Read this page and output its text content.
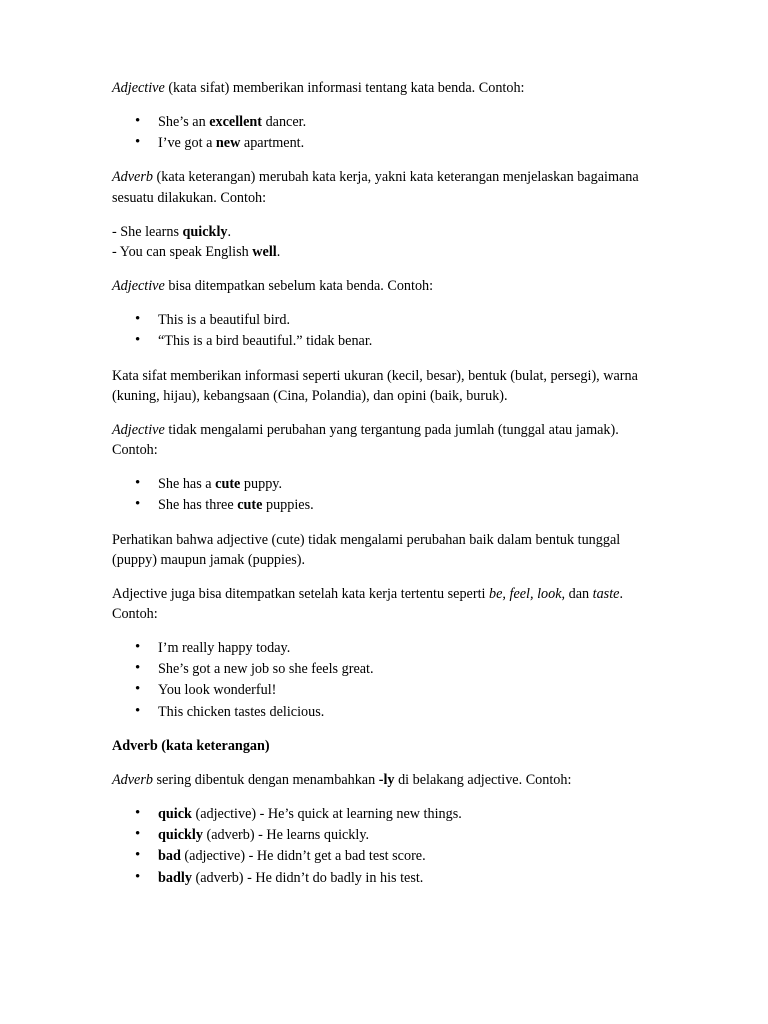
Adjective (kata sifat) memberikan informasi tentang kata benda. Contoh:

• She’s an excellent dancer.
• I’ve got a new apartment.

Adverb (kata keterangan) merubah kata kerja, yakni kata keterangan menjelaskan bagaimana sesuatu dilakukan. Contoh:

- She learns quickly.

- You can speak English well.

Adjective bisa ditempatkan sebelum kata benda. Contoh:

• This is a beautiful bird.
• “This is a bird beautiful.” tidak benar.

Kata sifat memberikan informasi seperti ukuran (kecil, besar), bentuk (bulat, persegi), warna (kuning, hijau), kebangsaan (Cina, Polandia), dan opini (baik, buruk).

Adjective tidak mengalami perubahan yang tergantung pada jumlah (tunggal atau jamak). Contoh:

• She has a cute puppy.
• She has three cute puppies.

Perhatikan bahwa adjective (cute) tidak mengalami perubahan baik dalam bentuk tunggal (puppy) maupun jamak (puppies).

Adjective juga bisa ditempatkan setelah kata kerja tertentu seperti be, feel, look, dan taste. Contoh:

• I’m really happy today.
• She’s got a new job so she feels great.
• You look wonderful!
• This chicken tastes delicious.

Adverb (kata keterangan)

Adverb sering dibentuk dengan menambahkan -ly di belakang adjective. Contoh:

• quick (adjective) - He’s quick at learning new things.
• quickly (adverb) - He learns quickly.
• bad (adjective) - He didn’t get a bad test score.
• badly (adverb) - He didn’t do badly in his test.
